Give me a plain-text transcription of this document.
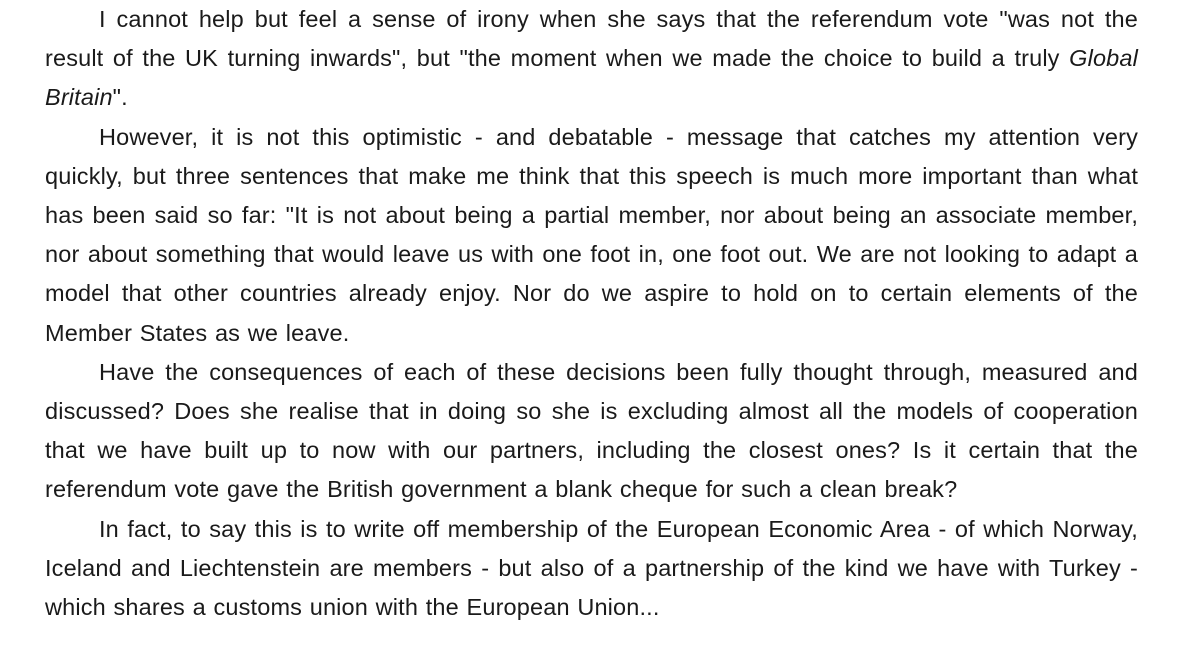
I cannot help but feel a sense of irony when she says that the referendum vote "was not the result of the UK turning inwards", but "the moment when we made the choice to build a truly Global Britain".

However, it is not this optimistic - and debatable - message that catches my attention very quickly, but three sentences that make me think that this speech is much more important than what has been said so far: "It is not about being a partial member, nor about being an associate member, nor about something that would leave us with one foot in, one foot out. We are not looking to adapt a model that other countries already enjoy. Nor do we aspire to hold on to certain elements of the Member States as we leave.

Have the consequences of each of these decisions been fully thought through, measured and discussed? Does she realise that in doing so she is excluding almost all the models of cooperation that we have built up to now with our partners, including the closest ones? Is it certain that the referendum vote gave the British government a blank cheque for such a clean break?

In fact, to say this is to write off membership of the European Economic Area - of which Norway, Iceland and Liechtenstein are members - but also of a partnership of the kind we have with Turkey - which shares a customs union with the European Union...
